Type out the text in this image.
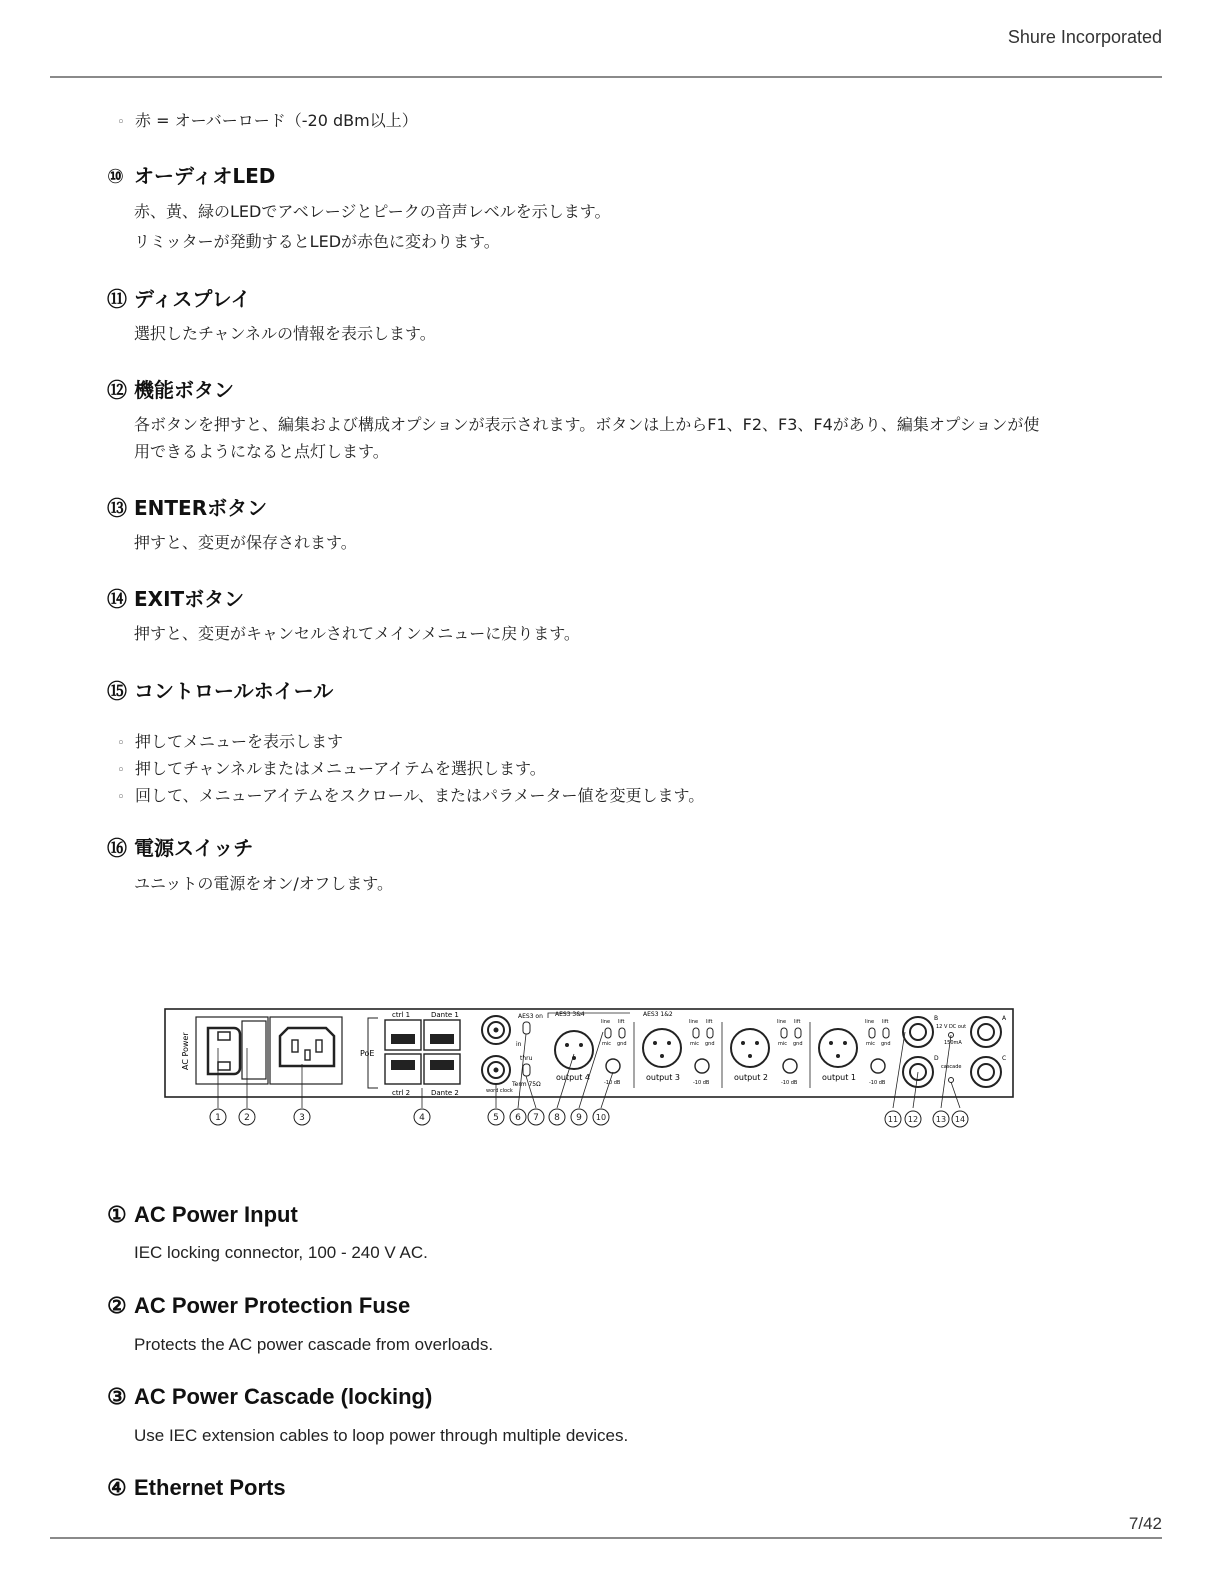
Shure Incorporated
◦ 赤 = オーバーロード（-20 dBm以上）
⑩ オーディオLED
赤、黄、緑のLEDでアベレージとピークの音声レベルを示します。
リミッターが発動するとLEDが赤色に変わります。
⑪ ディスプレイ
選択したチャンネルの情報を表示します。
⑫ 機能ボタン
各ボタンを押すと、編集および構成オプションが表示されます。ボタンは上からF1、F2、F3、F4があり、編集オプションが使
用できるようになると点灯します。
⑬ ENTERボタン
押すと、変更が保存されます。
⑭ EXITボタン
押すと、変更がキャンセルされてメインメニューに戻ります。
⑮ コントロールホイール
◦ 押してメニューを表示します
◦ 押してチャンネルまたはメニューアイテムを選択します。
◦ 回して、メニューアイテムをスクロール、またはパラメーター値を変更します。
⑯ 電源スイッチ
ユニットの電源をオン/オフします。
AC Power	PoE
ctrl 1	Dante 1
ctrl 2	Dante 2	word clock
AES3 on
in
thru
Term 75Ω
AES3 3&4	AES3 1&2
output 4
-10 dB
line lift
mic gnd
output 3
-10 dB
line lift
mic gnd
output 2
-10 dB
line lift
mic gnd
output 1
-10 dB
line lift
mic gnd
B
D
A
C
12 V DC out
150mA
cascade
1	2	3	4	5 6 7 8 9 10	11 12 13 14
① AC Power Input
IEC locking connector, 100 - 240 V AC.
② AC Power Protection Fuse
Protects the AC power cascade from overloads.
③ AC Power Cascade (locking)
Use IEC extension cables to loop power through multiple devices.
④ Ethernet Ports
7/42
